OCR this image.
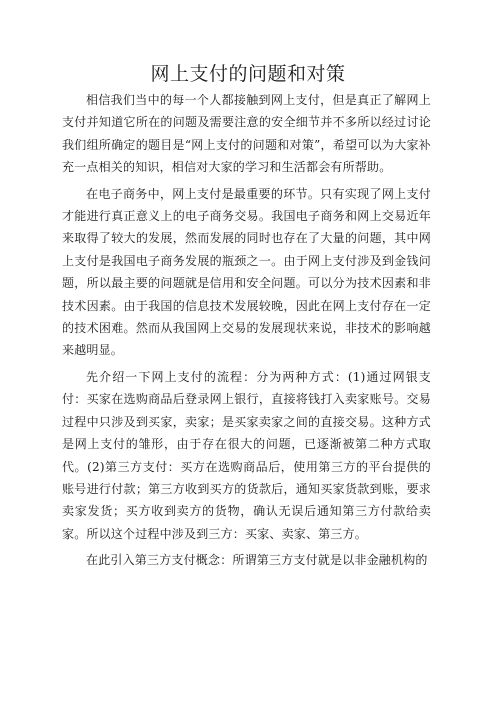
网上支付的问题和对策

相信我们当中的每一个人都接触到网上支付，但是真正了解网上支付并知道它所在的问题及需要注意的安全细节并不多所以经过讨论我们组所确定的题目是“网上支付的问题和对策”，希望可以为大家补充一点相关的知识，相信对大家的学习和生活都会有所帮助。

在电子商务中，网上支付是最重要的环节。只有实现了网上支付才能进行真正意义上的电子商务交易。我国电子商务和网上交易近年来取得了较大的发展，然而发展的同时也存在了大量的问题，其中网上支付是我国电子商务发展的瓶颈之一。由于网上支付涉及到金钱问题，所以最主要的问题就是信用和安全问题。可以分为技术因素和非技术因素。由于我国的信息技术发展较晚，因此在网上支付存在一定的技术困难。然而从我国网上交易的发展现状来说，非技术的影响越来越明显。

先介绍一下网上支付的流程：分为两种方式：(1)通过网银支付：买家在选购商品后登录网上银行，直接将钱打入卖家账号。交易过程中只涉及到买家，卖家；是买家卖家之间的直接交易。这种方式是网上支付的雏形，由于存在很大的问题，已逐渐被第二种方式取代。(2)第三方支付：买方在选购商品后，使用第三方的平台提供的账号进行付款；第三方收到买方的货款后，通知买家货款到账，要求卖家发货；买方收到卖方的货物，确认无误后通知第三方付款给卖家。所以这个过程中涉及到三方：买家、卖家、第三方。

在此引入第三方支付概念：所谓第三方支付就是以非金融机构的
